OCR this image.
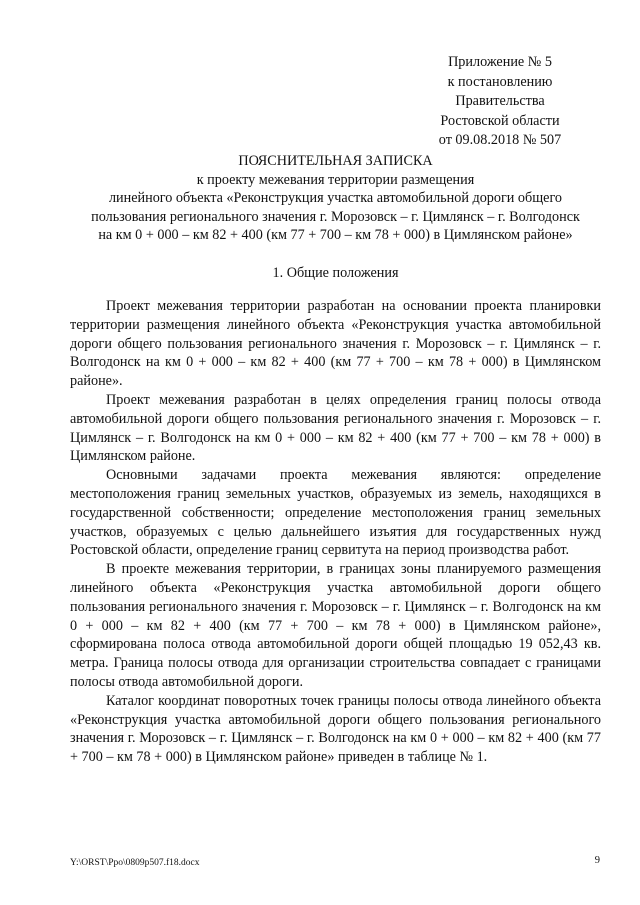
Приложение № 5
к постановлению
Правительства
Ростовской области
от 09.08.2018 № 507
ПОЯСНИТЕЛЬНАЯ ЗАПИСКА
к проекту межевания территории размещения
линейного объекта «Реконструкция участка автомобильной дороги общего
пользования регионального значения г. Морозовск – г. Цимлянск – г. Волгодонск
на км 0 + 000 – км 82 + 400 (км 77 + 700 – км 78 + 000) в Цимлянском районе»
1. Общие положения

Проект межевания территории разработан на основании проекта планировки территории размещения линейного объекта «Реконструкция участка автомобильной дороги общего пользования регионального значения г. Морозовск – г. Цимлянск – г. Волгодонск на км 0 + 000 – км 82 + 400 (км 77 + 700 – км 78 + 000) в Цимлянском районе».

Проект межевания разработан в целях определения границ полосы отвода автомобильной дороги общего пользования регионального значения г. Морозовск – г. Цимлянск – г. Волгодонск на км 0 + 000 – км 82 + 400 (км 77 + 700 – км 78 + 000) в Цимлянском районе.

Основными задачами проекта межевания являются: определение местоположения границ земельных участков, образуемых из земель, находящихся в государственной собственности; определение местоположения границ земельных участков, образуемых с целью дальнейшего изъятия для государственных нужд Ростовской области, определение границ сервитута на период производства работ.

В проекте межевания территории, в границах зоны планируемого размещения линейного объекта «Реконструкция участка автомобильной дороги общего пользования регионального значения г. Морозовск – г. Цимлянск – г. Волгодонск на км 0 + 000 – км 82 + 400 (км 77 + 700 – км 78 + 000) в Цимлянском районе», сформирована полоса отвода автомобильной дороги общей площадью 19 052,43 кв. метра. Граница полосы отвода для организации строительства совпадает с границами полосы отвода автомобильной дороги.

Каталог координат поворотных точек границы полосы отвода линейного объекта «Реконструкция участка автомобильной дороги общего пользования регионального значения г. Морозовск – г. Цимлянск – г. Волгодонск на км 0 + 000 – км 82 + 400 (км 77 + 700 – км 78 + 000) в Цимлянском районе» приведен в таблице № 1.

Y:\ORST\Ppo\0809p507.f18.docx	9
